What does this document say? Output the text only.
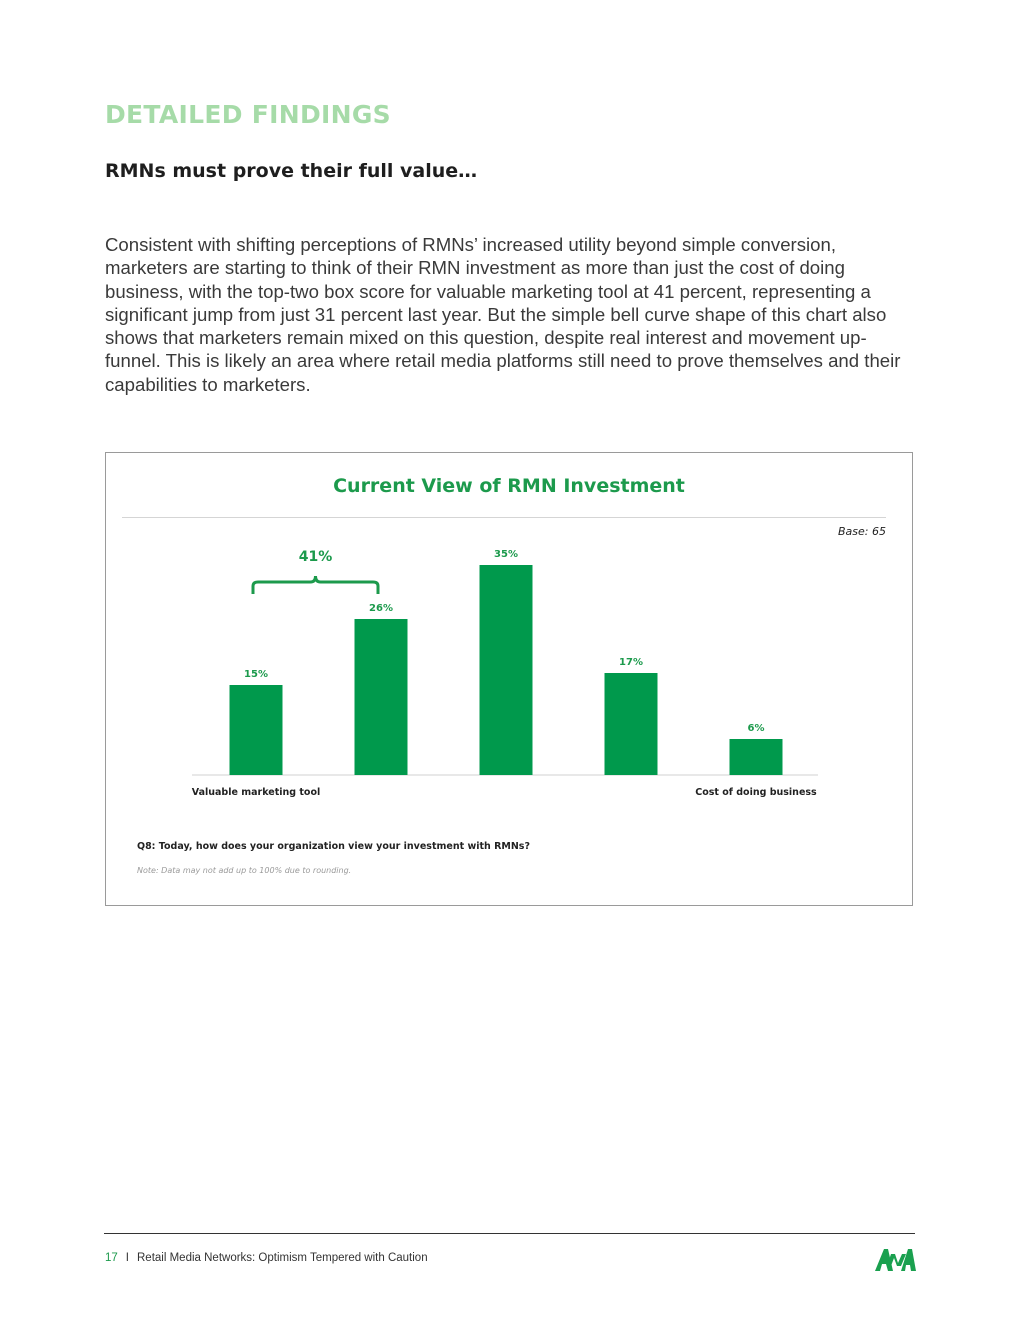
DETAILED FINDINGS
RMNs must prove their full value…

Consistent with shifting perceptions of RMNs’ increased utility beyond simple conversion, marketers are starting to think of their RMN investment as more than just the cost of doing business, with the top-two box score for valuable marketing tool at 41 percent, representing a significant jump from just 31 percent last year. But the simple bell curve shape of this chart also shows that marketers remain mixed on this question, despite real interest and movement up-funnel. This is likely an area where retail media platforms still need to prove themselves and their capabilities to marketers.

Current View of RMN Investment
Base: 65
15%
26%
35%
17%
6%
Valuable marketing tool	Cost of doing business
41%
Q8: Today, how does your organization view your investment with RMNs?
Note: Data may not add up to 100% due to rounding.
17 I Retail Media Networks: Optimism Tempered with Caution
